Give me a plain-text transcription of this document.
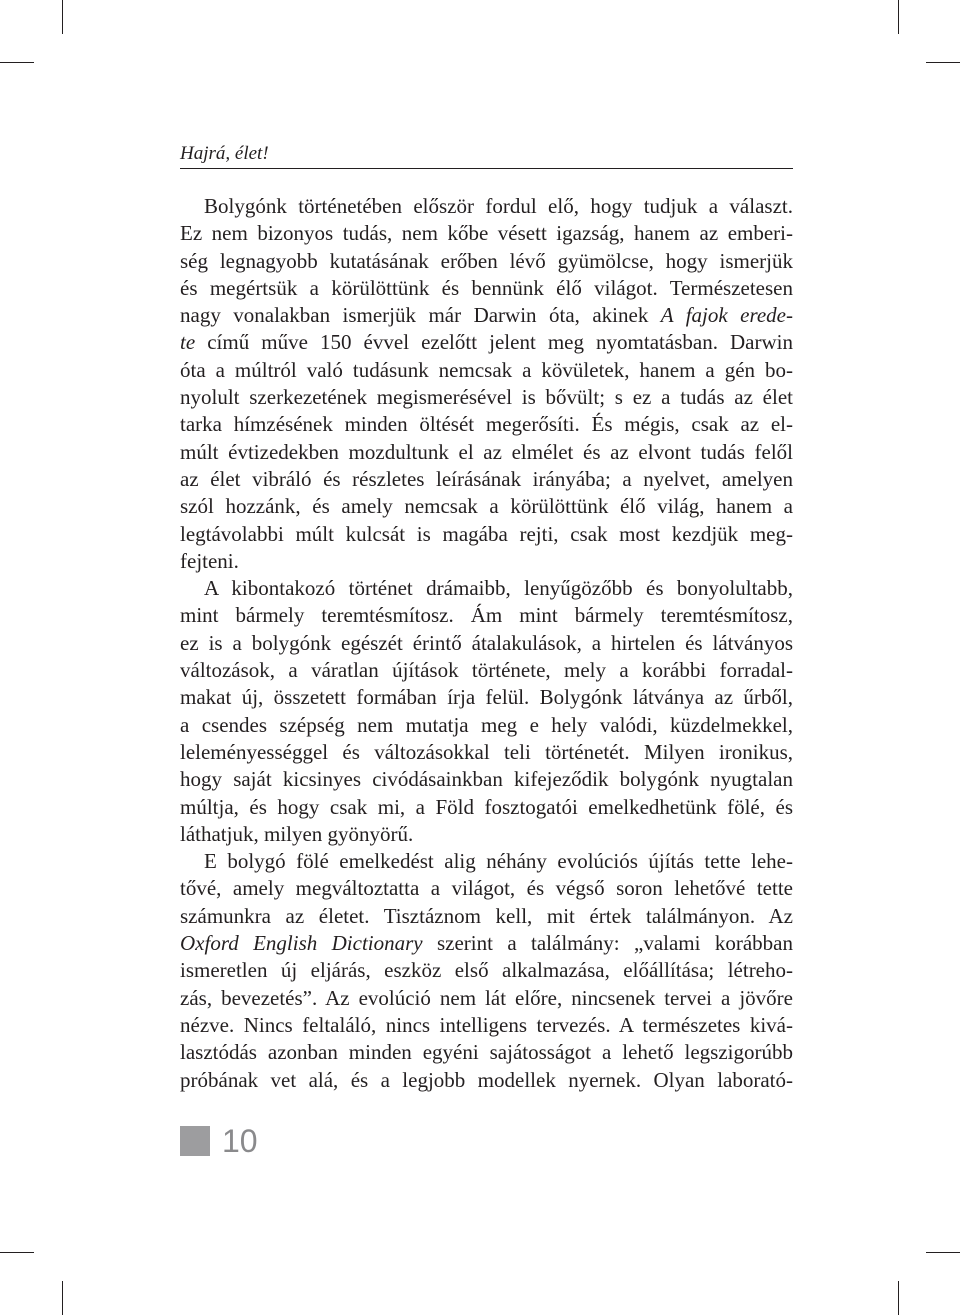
Hajrá, élet!
Bolygónk történetében először fordul elő, hogy tudjuk a választ.
Ez nem bizonyos tudás, nem kőbe vésett igazság, hanem az emberi-
ség legnagyobb kutatásának erőben lévő gyümölcse, hogy ismerjük
és megértsük a körülöttünk és bennünk élő világot. Természetesen
nagy vonalakban ismerjük már Darwin óta, akinek A fajok erede-
te című műve 150 évvel ezelőtt jelent meg nyomtatásban. Darwin
óta a múltról való tudásunk nemcsak a kövületek, hanem a gén bo-
nyolult szerkezetének megismerésével is bővült; s ez a tudás az élet
tarka hímzésének minden öltését megerősíti. És mégis, csak az el-
múlt évtizedekben mozdultunk el az elmélet és az elvont tudás felől
az élet vibráló és részletes leírásának irányába; a nyelvet, amelyen
szól hozzánk, és amely nemcsak a körülöttünk élő világ, hanem a
legtávolabbi múlt kulcsát is magába rejti, csak most kezdjük meg-
fejteni.
A kibontakozó történet drámaibb, lenyűgözőbb és bonyolultabb,
mint bármely teremtésmítosz. Ám mint bármely teremtésmítosz,
ez is a bolygónk egészét érintő átalakulások, a hirtelen és látványos
változások, a váratlan újítások története, mely a korábbi forradal-
makat új, összetett formában írja felül. Bolygónk látványa az űrből,
a csendes szépség nem mutatja meg e hely valódi, küzdelmekkel,
leleményességgel és változásokkal teli történetét. Milyen ironikus,
hogy saját kicsinyes civódásainkban kifejeződik bolygónk nyugtalan
múltja, és hogy csak mi, a Föld fosztogatói emelkedhetünk fölé, és
láthatjuk, milyen gyönyörű.
E bolygó fölé emelkedést alig néhány evolúciós újítás tette lehe-
tővé, amely megváltoztatta a világot, és végső soron lehetővé tette
számunkra az életet. Tisztáznom kell, mit értek találmányon. Az
Oxford English Dictionary szerint a találmány: „valami korábban
ismeretlen új eljárás, eszköz első alkalmazása, előállítása; létreho-
zás, bevezetés”. Az evolúció nem lát előre, nincsenek tervei a jövőre
nézve. Nincs feltaláló, nincs intelligens tervezés. A természetes kivá-
lasztódás azonban minden egyéni sajátosságot a lehető legszigorúbb
próbának vet alá, és a legjobb modellek nyernek. Olyan laborató-
10
